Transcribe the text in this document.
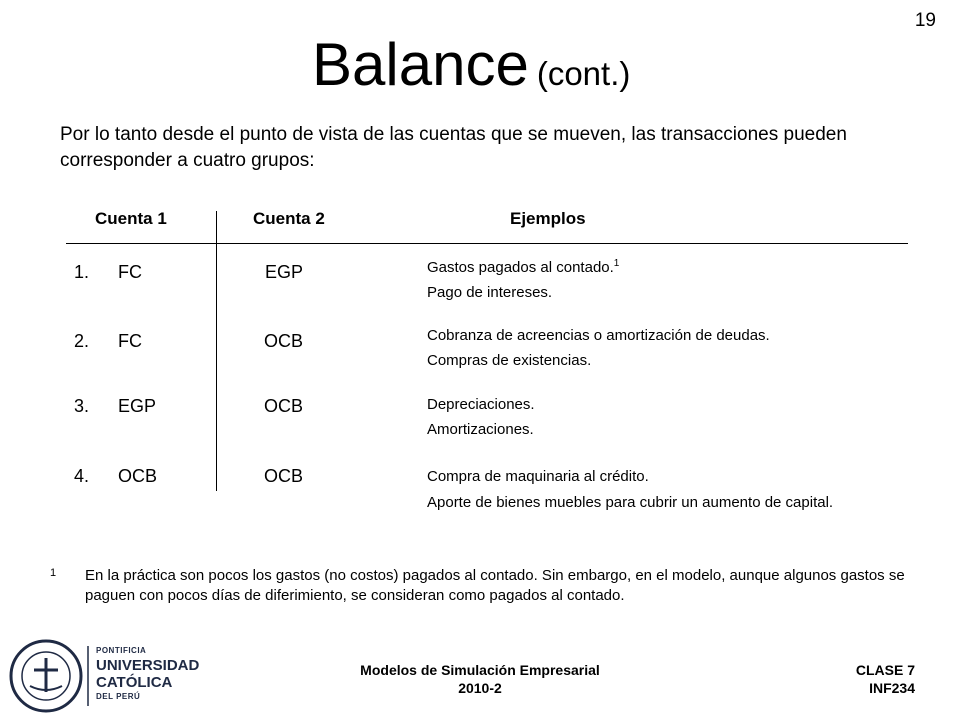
19
Balance (cont.)
Por lo tanto desde el punto de vista de las cuentas que se mueven, las transacciones pueden corresponder a cuatro grupos:
Cuenta 1	Cuenta 2	Ejemplos
1. FC	EGP	Gastos pagados al contado.$^1$
Pago de intereses.
2. FC	OCB	Cobranza de acreencias o amortización de deudas.
Compras de existencias.
3. EGP	OCB	Depreciaciones.
Amortizaciones.
4. OCB	OCB	Compra de maquinaria al crédito.
Aporte de bienes muebles para cubrir un aumento de capital.
1 En la práctica son pocos los gastos (no costos) pagados al contado. Sin embargo, en el modelo, aunque algunos gastos se paguen con pocos días de diferimiento, se consideran como pagados al contado.
PONTIFICIA
UNIVERSIDAD
CATÓLICA
DEL PERÚ
Modelos de Simulación Empresarial
2010-2
CLASE 7
INF234
